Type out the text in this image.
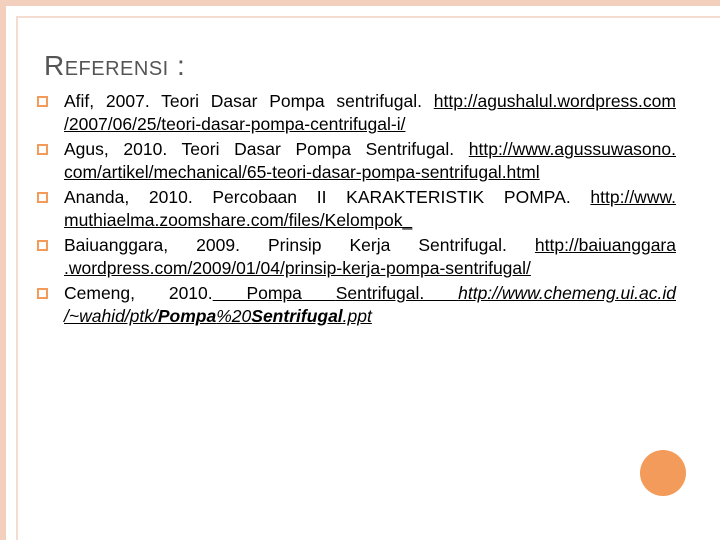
Referensi :
Afif, 2007. Teori Dasar Pompa sentrifugal. http://agushalul.wordpress.com /2007/06/25/teori-dasar-pompa-centrifugal-i/
Agus, 2010. Teori Dasar Pompa Sentrifugal. http://www.agussuwasono. com/artikel/mechanical/65-teori-dasar-pompa-sentrifugal.html
Ananda, 2010. Percobaan II KARAKTERISTIK POMPA. http://www. muthiaelma.zoomshare.com/files/Kelompok_
Baiuanggara, 2009. Prinsip Kerja Sentrifugal. http://baiuanggara .wordpress.com/2009/01/04/prinsip-kerja-pompa-sentrifugal/
Cemeng, 2010. Pompa Sentrifugal. http://www.chemeng.ui.ac.id /~wahid/ptk/Pompa%20Sentrifugal.ppt
